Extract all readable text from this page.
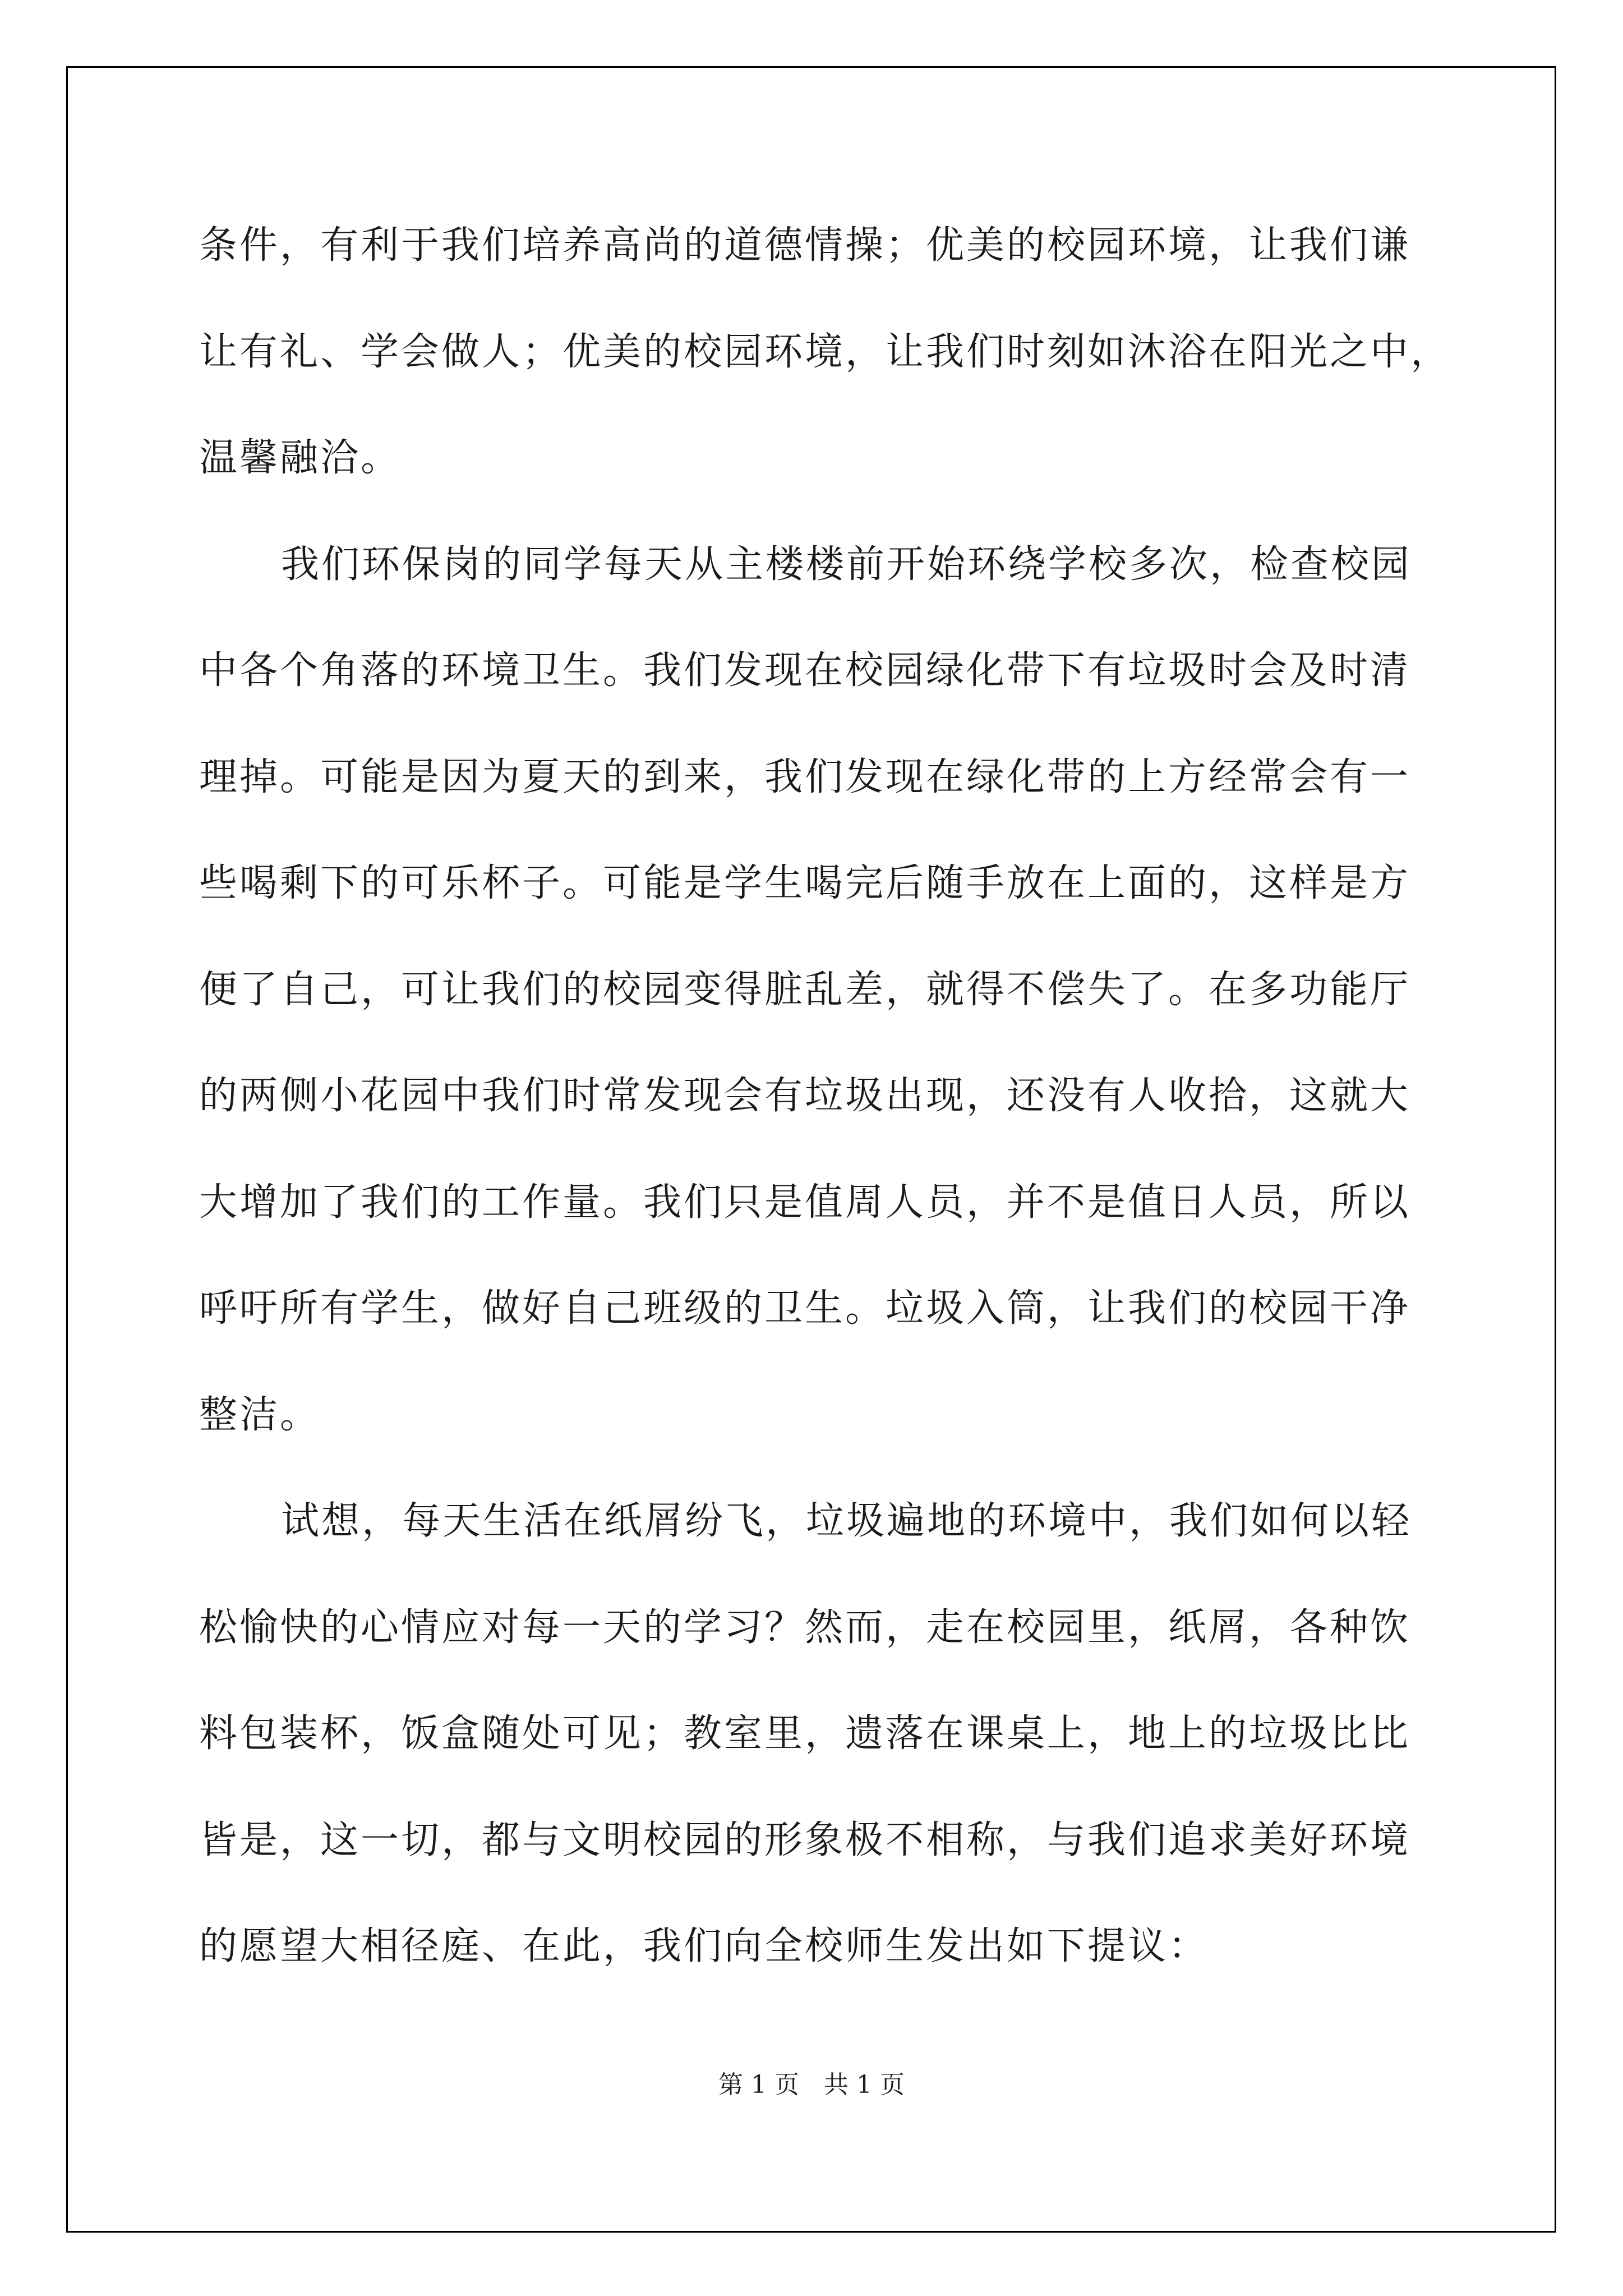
条件，有利于我们培养高尚的道德情操；优美的校园环境，让我们谦
让有礼、学会做人；优美的校园环境，让我们时刻如沐浴在阳光之中，
温馨融洽。
我们环保岗的同学每天从主楼楼前开始环绕学校多次，检查校园
中各个角落的环境卫生。我们发现在校园绿化带下有垃圾时会及时清
理掉。可能是因为夏天的到来，我们发现在绿化带的上方经常会有一
些喝剩下的可乐杯子。可能是学生喝完后随手放在上面的，这样是方
便了自己，可让我们的校园变得脏乱差，就得不偿失了。在多功能厅
的两侧小花园中我们时常发现会有垃圾出现，还没有人收拾，这就大
大增加了我们的工作量。我们只是值周人员，并不是值日人员，所以
呼吁所有学生，做好自己班级的卫生。垃圾入筒，让我们的校园干净
整洁。
试想，每天生活在纸屑纷飞，垃圾遍地的环境中，我们如何以轻
松愉快的心情应对每一天的学习？然而，走在校园里，纸屑，各种饮
料包装杯，饭盒随处可见；教室里，遗落在课桌上，地上的垃圾比比
皆是，这一切，都与文明校园的形象极不相称，与我们追求美好环境
的愿望大相径庭、在此，我们向全校师生发出如下提议：
第 1 页　共 1 页
